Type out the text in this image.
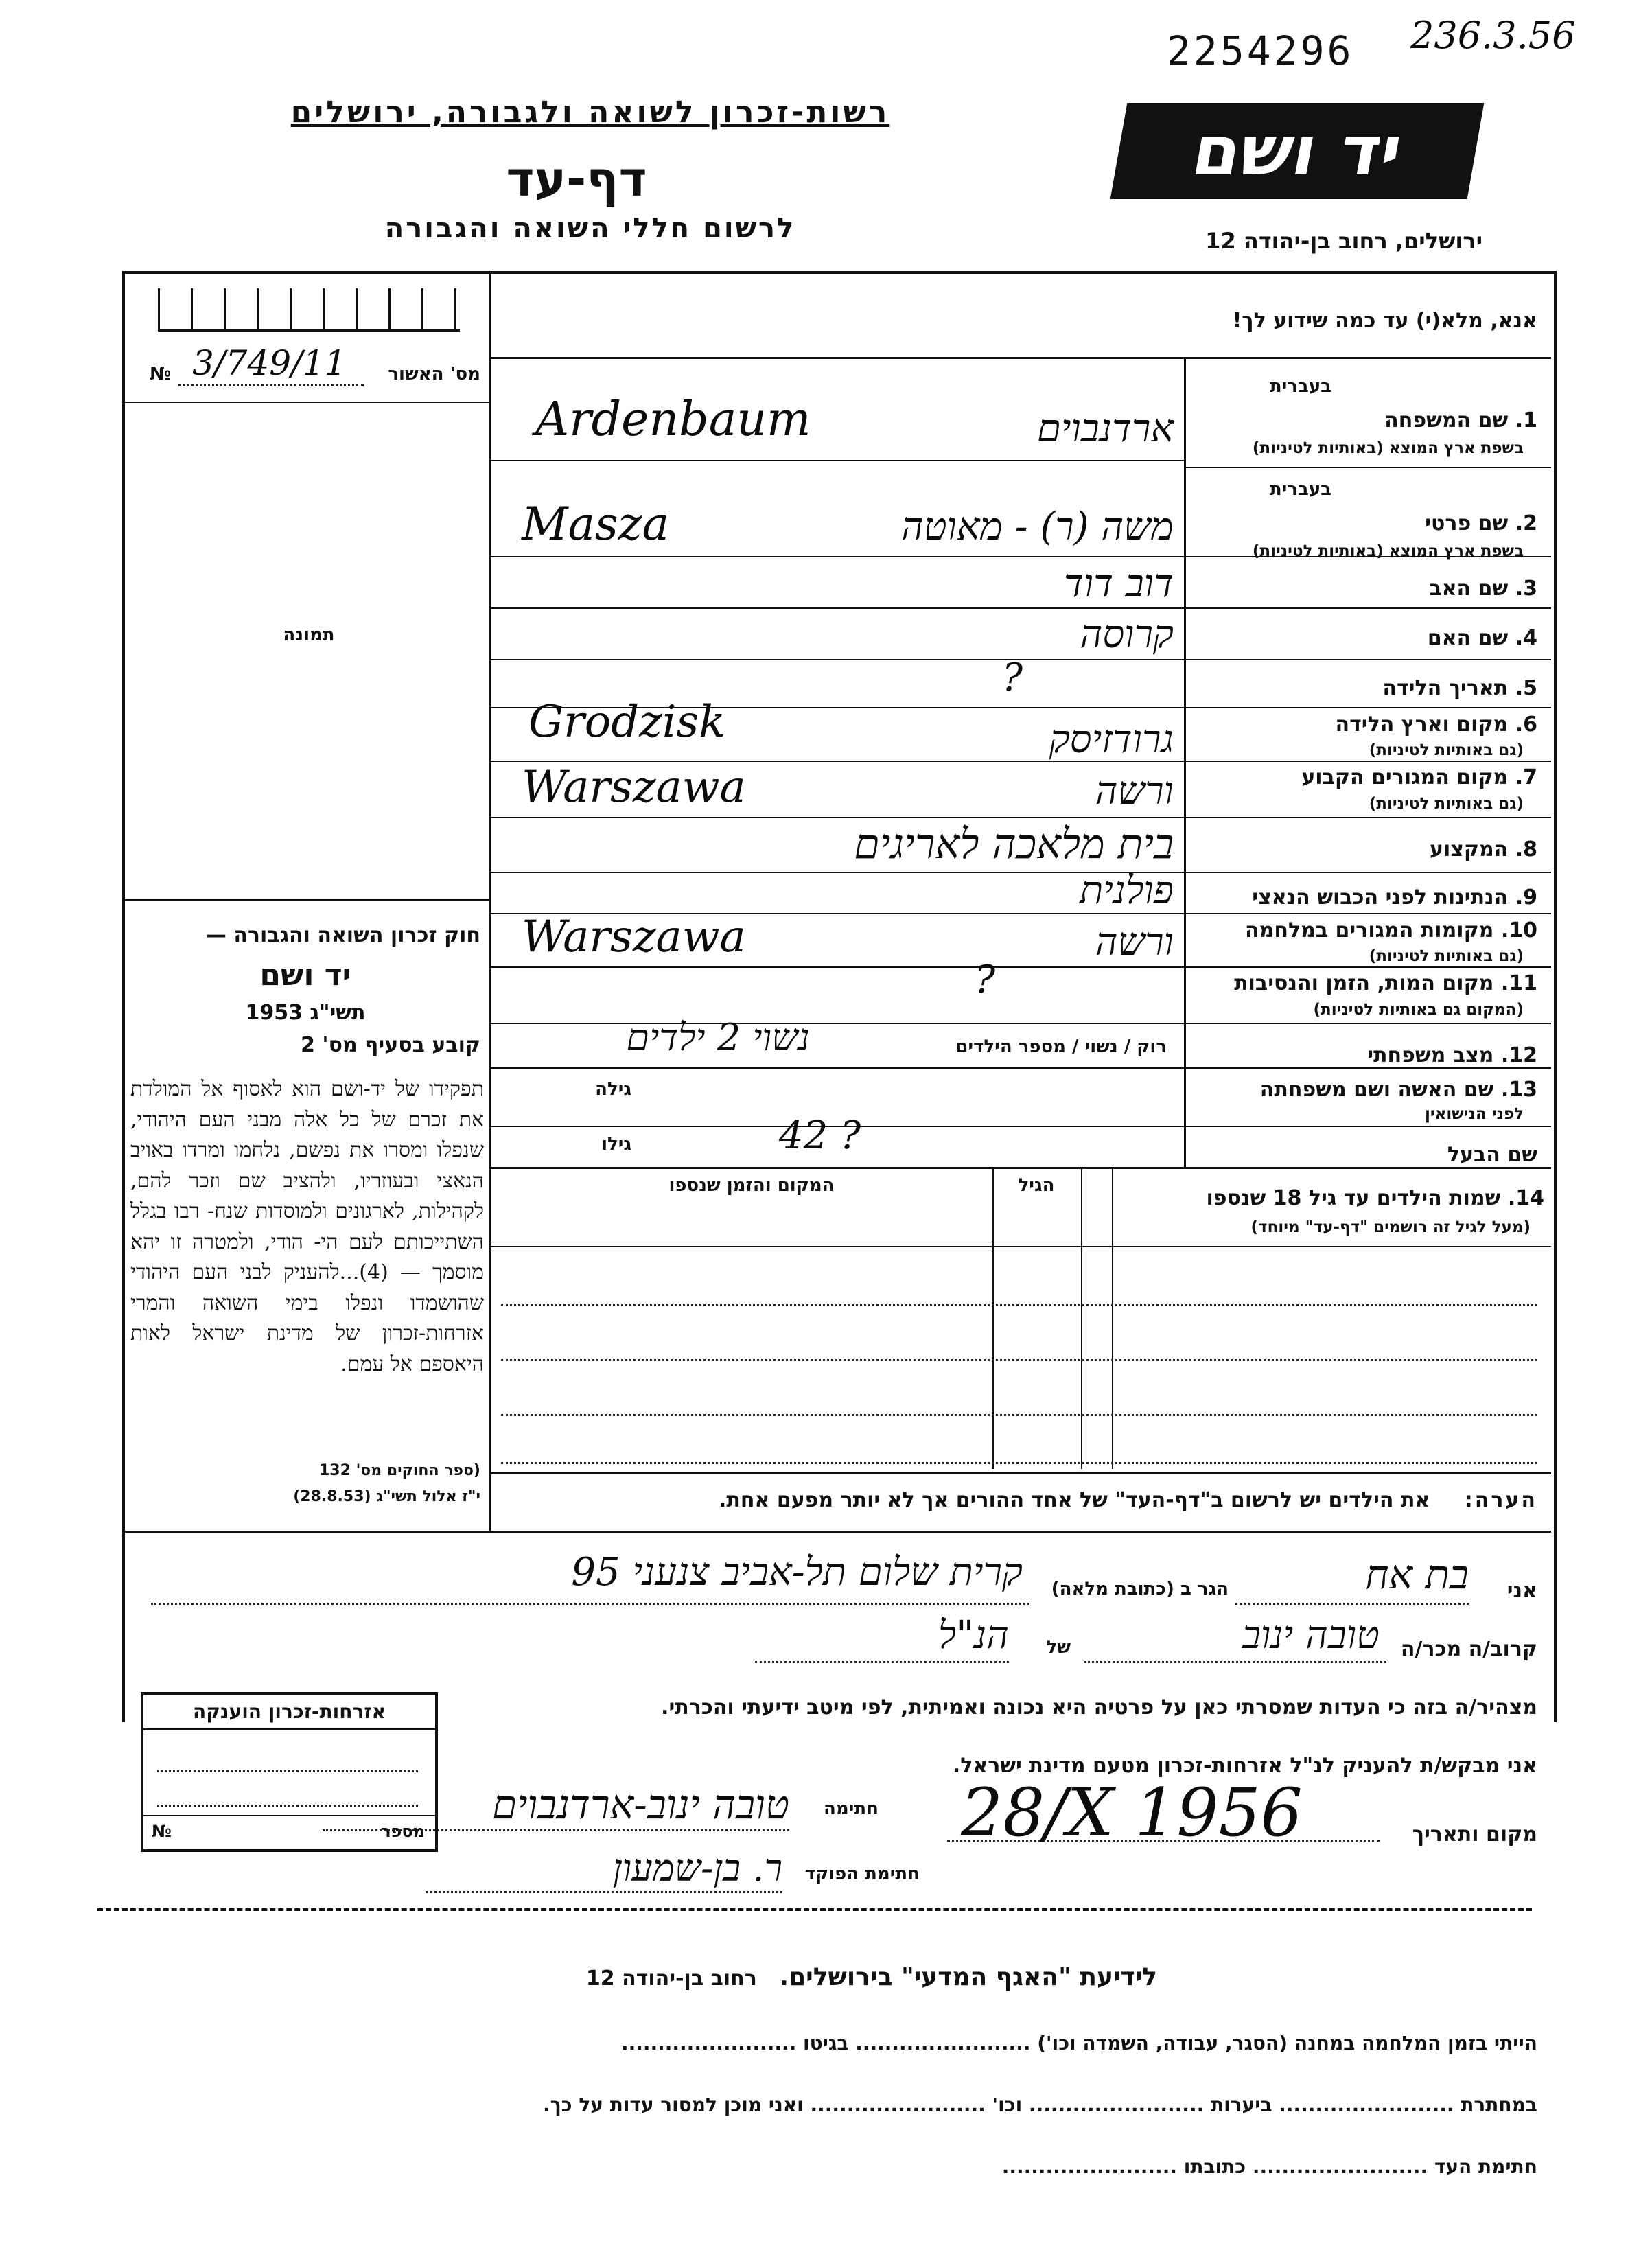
2254296 236.3.56
רשות-זכרון לשואה ולגבורה, ירושלים
דף-עד
לרשום חללי השואה והגבורה
יד ושם
ירושלים, רחוב בן-יהודה 12
№ 3/749/11	מס' האשור
תמונה
חוק זכרון השואה והגבורה —
יד ושם
תשי"ג 1953
קובע בסעיף מס' 2
תפקידו של יד-ושם הוא לאסוף אל המולדת את זכרם של כל אלה מבני העם היהודי, שנפלו ומסרו את נפשם, נלחמו ומרדו באויב הנאצי ובעוזריו, ולהציב שם וזכר להם, לקהילות, לארגונים ולמוסדות שנח- רבו בגלל השתייכותם לעם הי- הודי, ולמטרה זו יהא מוסמך — (4)...להעניק לבני העם היהודי שהושמדו ונפלו בימי השואה והמרי אזרחות-זכרון של מדינת ישראל לאות היאספם אל עמם.
(ספר החוקים מס' 132
י"ז אלול תשי"ג (28.8.53)
אנא, מלא(י) עד כמה שידוע לך!
בעברית
1. שם המשפחה
בשפת ארץ המוצא (באותיות לטיניות)
Ardenbaum	ארדנבוים
בעברית
2. שם פרטי
בשפת ארץ המוצא (באותיות לטיניות)
Masza	משה (ר) - מאוטה
3. שם האב
דוב דוד
4. שם האם
קרוסה
5. תאריך הלידה
?
6. מקום וארץ הלידה
(גם באותיות לטיניות)
Grodzisk	גרודזיסק
7. מקום המגורים הקבוע
(גם באותיות לטיניות)
Warszawa	ורשה
8. המקצוע
בית מלאכה לאריגים
9. הנתינות לפני הכבוש הנאצי
פולנית
10. מקומות המגורים במלחמה
(גם באותיות לטיניות)
Warszawa	ורשה
11. מקום המות, הזמן והנסיבות
(המקום גם באותיות לטיניות)
?
12. מצב משפחתי
רוק / נשוי / מספר הילדים
נשוי 2 ילדים
13. שם האשה ושם משפחתה
לפני הנישואין
גילה
שם הבעל
גילו	42 ?
14. שמות הילדים עד גיל 18 שנספו
(מעל לגיל זה רושמים "דף-עד" מיוחד)
הגיל
המקום והזמן שנספו
הערה: את הילדים יש לרשום ב"דף-העד" של אחד ההורים אך לא יותר מפעם אחת.
אני
בת אח
הגר ב (כתובת מלאה)
קרית שלום תל-אביב צנעני 95
קרוב/ה מכר/ה
טובה ינוב
של
הנ"ל
מצהיר/ה בזה כי העדות שמסרתי כאן על פרטיה היא נכונה ואמיתית, לפי מיטב ידיעתי והכרתי.
אני מבקש/ת להעניק לנ"ל אזרחות-זכרון מטעם מדינת ישראל.
מקום ותאריך
28/X 1956
חתימה
טובה ינוב-ארדנבוים
חתימת הפוקד
ר. בן-שמעון
אזרחות-זכרון הוענקה
№	מספר
לידיעת "האגף המדעי" בירושלים. רחוב בן-יהודה 12
הייתי בזמן המלחמה במחנה (הסגר, עבודה, השמדה וכו') ........................ בגיטו ........................
במחתרת ........................ ביערות ........................ וכו' ........................ ואני מוכן למסור עדות על כך.
חתימת העד ........................ כתובתו ........................
